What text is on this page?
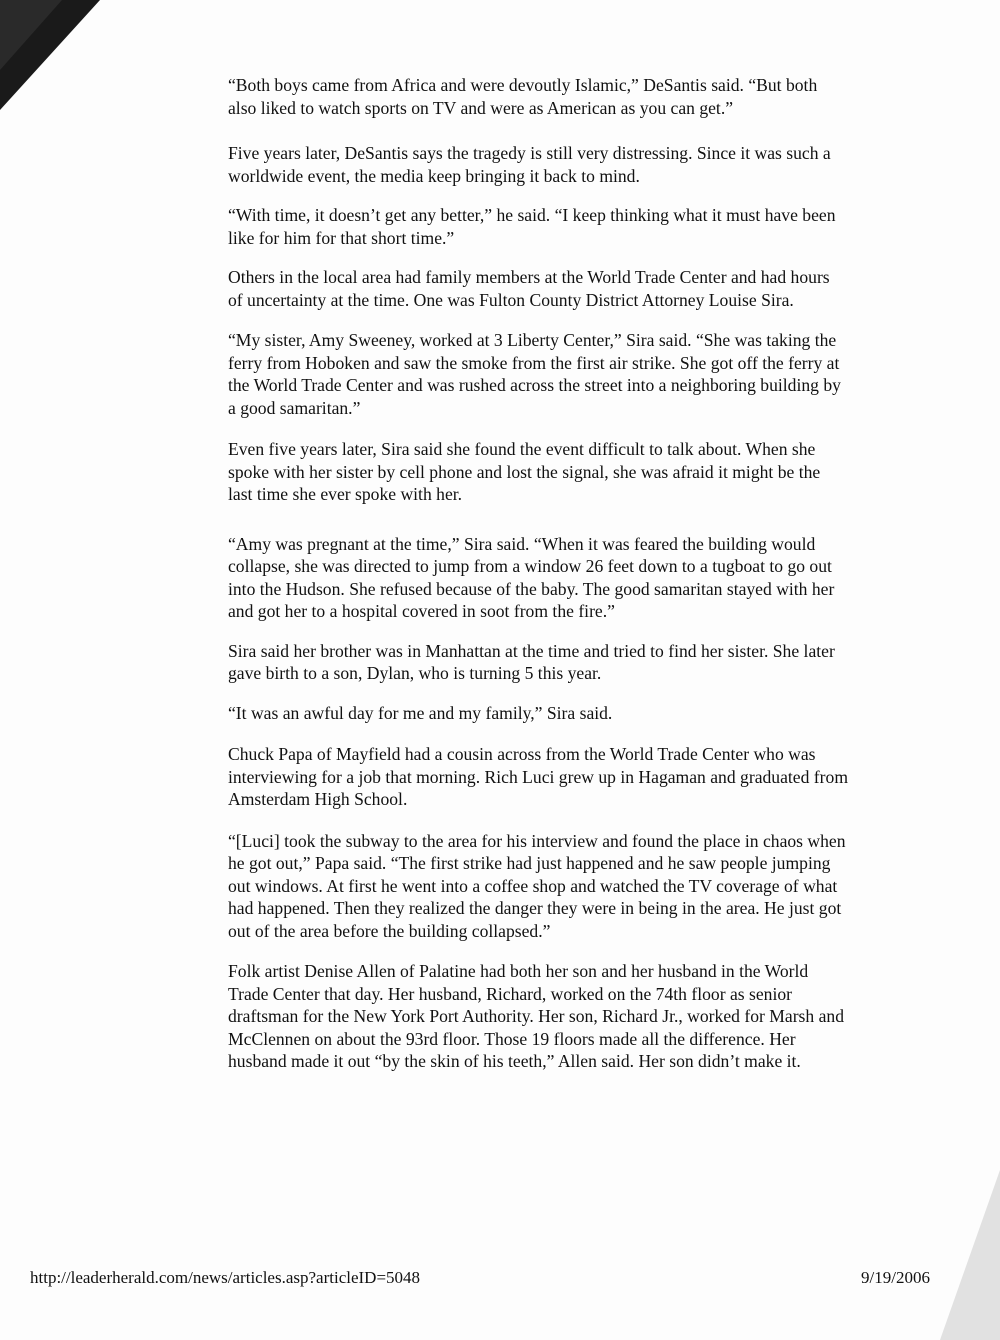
“Both boys came from Africa and were devoutly Islamic,” DeSantis said. “But both also liked to watch sports on TV and were as American as you can get.”

Five years later, DeSantis says the tragedy is still very distressing. Since it was such a worldwide event, the media keep bringing it back to mind.

“With time, it doesn’t get any better,” he said. “I keep thinking what it must have been like for him for that short time.”

Others in the local area had family members at the World Trade Center and had hours of uncertainty at the time. One was Fulton County District Attorney Louise Sira.

“My sister, Amy Sweeney, worked at 3 Liberty Center,” Sira said. “She was taking the ferry from Hoboken and saw the smoke from the first air strike. She got off the ferry at the World Trade Center and was rushed across the street into a neighboring building by a good samaritan.”

Even five years later, Sira said she found the event difficult to talk about. When she spoke with her sister by cell phone and lost the signal, she was afraid it might be the last time she ever spoke with her.

“Amy was pregnant at the time,” Sira said. “When it was feared the building would collapse, she was directed to jump from a window 26 feet down to a tugboat to go out into the Hudson. She refused because of the baby. The good samaritan stayed with her and got her to a hospital covered in soot from the fire.”

Sira said her brother was in Manhattan at the time and tried to find her sister. She later gave birth to a son, Dylan, who is turning 5 this year.

“It was an awful day for me and my family,” Sira said.

Chuck Papa of Mayfield had a cousin across from the World Trade Center who was interviewing for a job that morning. Rich Luci grew up in Hagaman and graduated from Amsterdam High School.

“[Luci] took the subway to the area for his interview and found the place in chaos when he got out,” Papa said. “The first strike had just happened and he saw people jumping out windows. At first he went into a coffee shop and watched the TV coverage of what had happened. Then they realized the danger they were in being in the area. He just got out of the area before the building collapsed.”

Folk artist Denise Allen of Palatine had both her son and her husband in the World Trade Center that day. Her husband, Richard, worked on the 74th floor as senior draftsman for the New York Port Authority. Her son, Richard Jr., worked for Marsh and McClennen on about the 93rd floor. Those 19 floors made all the difference. Her husband made it out “by the skin of his teeth,” Allen said. Her son didn’t make it.

http://leaderherald.com/news/articles.asp?articleID=5048	9/19/2006
